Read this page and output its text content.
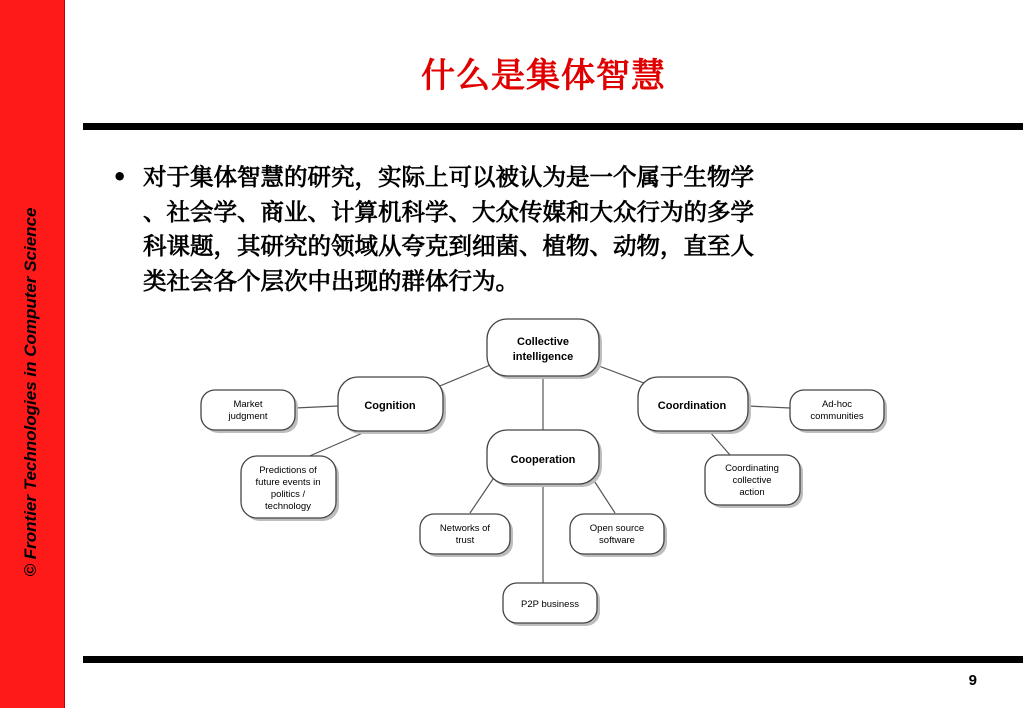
© Frontier Technologies in Computer Science
什么是集体智慧
• 对于集体智慧的研究，实际上可以被认为是一个属于生物学
、社会学、商业、计算机科学、大众传媒和大众行为的多学
科课题，其研究的领域从夸克到细菌、植物、动物，直至人
类社会各个层次中出现的群体行为。
Collective
intelligence
Cognition	Coordination
Cooperation
Market
judgment
Predictions of
future events in
politics /
technology
Ad-hoc
communities
Coordinating
collective
action
Networks of
trust
Open source
software
P2P business
9
